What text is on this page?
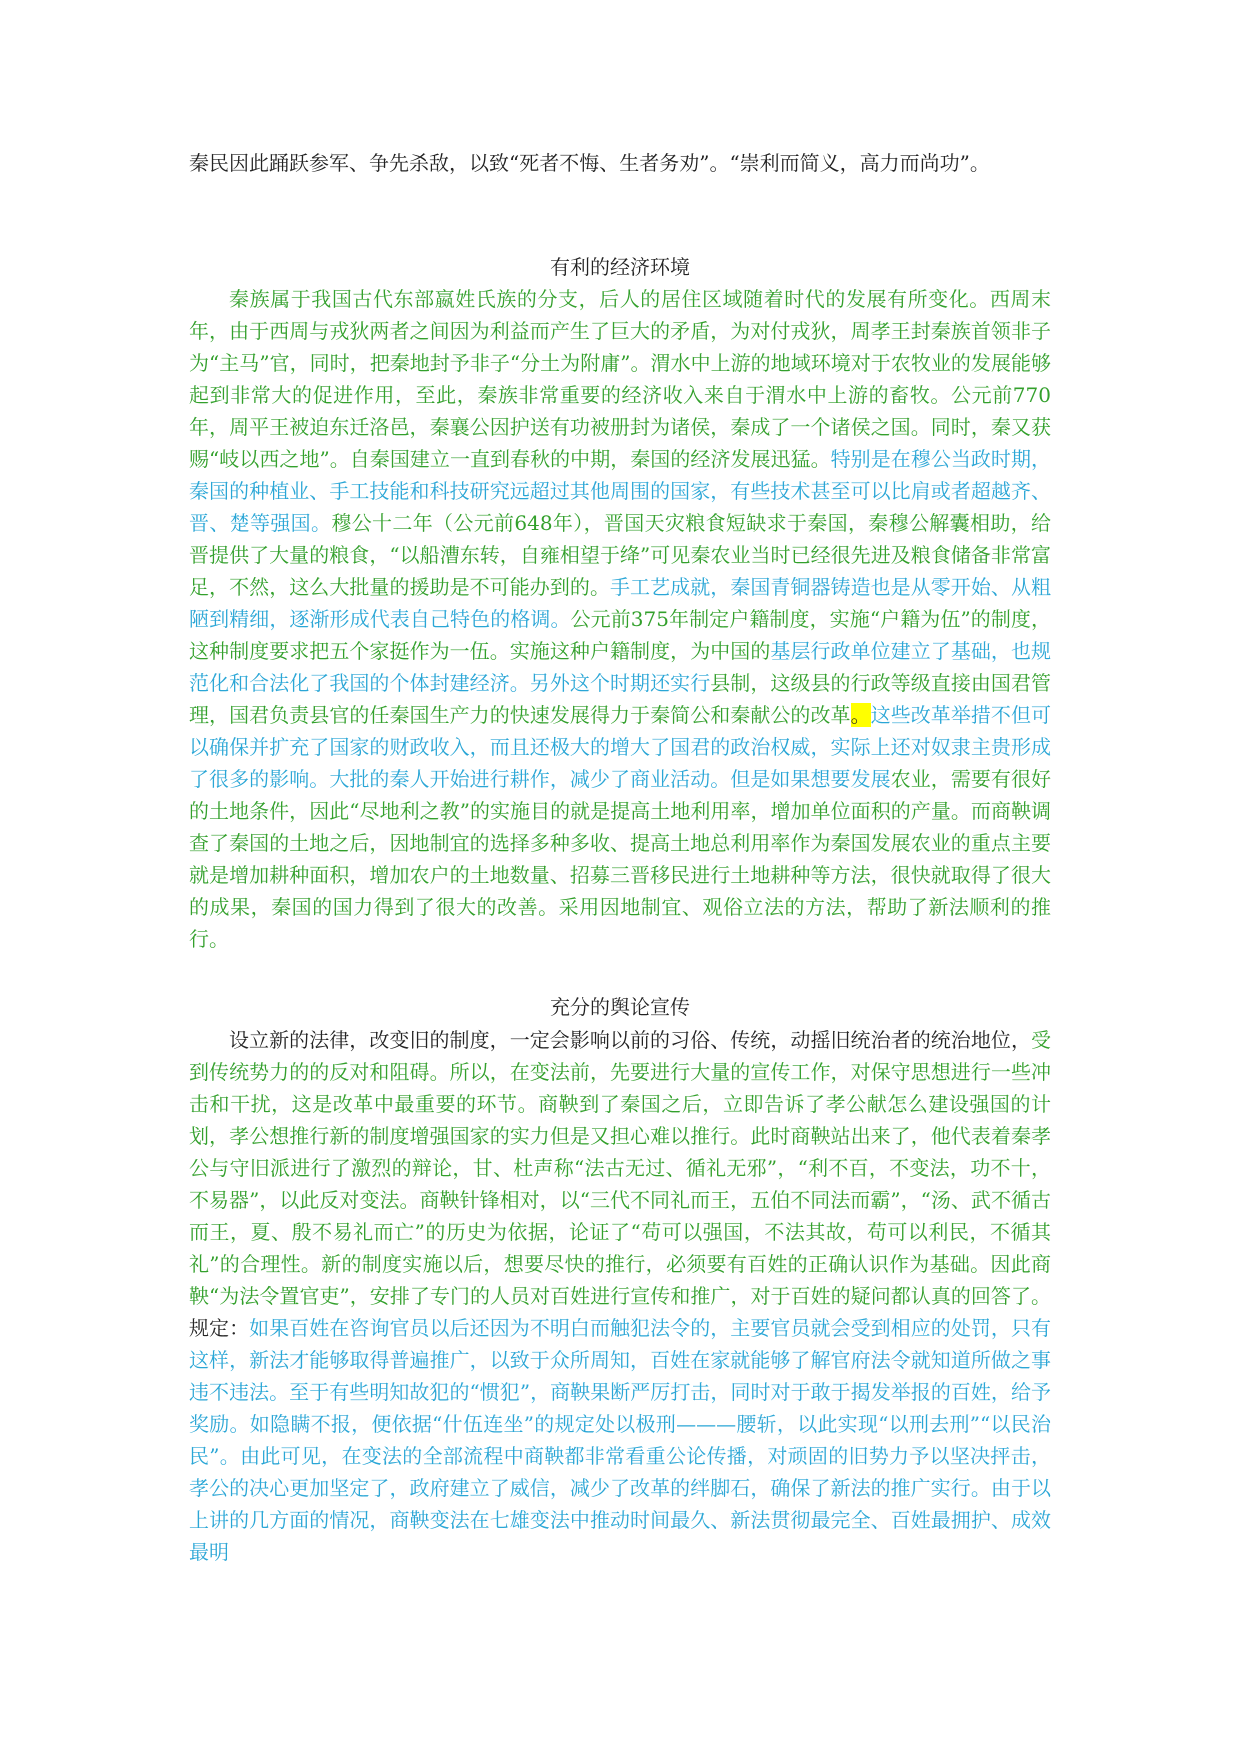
秦民因此踊跃参军、争先杀敌，以致“死者不悔、生者务劝”。“崇利而简义，高力而尚功”。

有利的经济环境

秦族属于我国古代东部嬴姓氏族的分支，后人的居住区域随着时代的发展有所变化。西周末年，由于西周与戎狄两者之间因为利益而产生了巨大的矛盾，为对付戎狄，周孝王封秦族首领非子为“主马”官，同时，把秦地封予非子“分土为附庸”。渭水中上游的地域环境对于农牧业的发展能够起到非常大的促进作用，至此，秦族非常重要的经济收入来自于渭水中上游的畜牧。公元前770年，周平王被迫东迁洛邑，秦襄公因护送有功被册封为诸侯，秦成了一个诸侯之国。同时，秦又获赐“岐以西之地”。自秦国建立一直到春秋的中期，秦国的经济发展迅猛。特别是在穆公当政时期，秦国的种植业、手工技能和科技研究远超过其他周围的国家，有些技术甚至可以比肩或者超越齐、晋、楚等强国。穆公十二年（公元前648年），晋国天灾粮食短缺求于秦国，秦穆公解囊相助，给晋提供了大量的粮食，“以船漕东转，自雍相望于绛”可见秦农业当时已经很先进及粮食储备非常富足，不然，这么大批量的援助是不可能办到的。手工艺成就，秦国青铜器铸造也是从零开始、从粗陋到精细，逐渐形成代表自己特色的格调。公元前375年制定户籍制度，实施“户籍为伍”的制度，这种制度要求把五个家挺作为一伍。实施这种户籍制度，为中国的基层行政单位建立了基础，也规范化和合法化了我国的个体封建经济。另外这个时期还实行县制，这级县的行政等级直接由国君管理，国君负责县官的任秦国生产力的快速发展得力于秦简公和秦献公的改革。这些改革举措不但可以确保并扩充了国家的财政收入，而且还极大的增大了国君的政治权威，实际上还对奴隶主贵形成了很多的影响。大批的秦人开始进行耕作，减少了商业活动。但是如果想要发展农业，需要有很好的土地条件，因此“尽地利之教”的实施目的就是提高土地利用率，增加单位面积的产量。而商鞅调查了秦国的土地之后，因地制宜的选择多种多收、提高土地总利用率作为秦国发展农业的重点主要就是增加耕种面积，增加农户的土地数量、招募三晋移民进行土地耕种等方法，很快就取得了很大的成果，秦国的国力得到了很大的改善。采用因地制宜、观俗立法的方法，帮助了新法顺利的推行。

充分的舆论宣传

设立新的法律，改变旧的制度，一定会影响以前的习俗、传统，动摇旧统治者的统治地位，受到传统势力的的反对和阻碍。所以，在变法前，先要进行大量的宣传工作，对保守思想进行一些冲击和干扰，这是改革中最重要的环节。商鞅到了秦国之后，立即告诉了孝公献怎么建设强国的计划，孝公想推行新的制度增强国家的实力但是又担心难以推行。此时商鞅站出来了，他代表着秦孝公与守旧派进行了激烈的辩论，甘、杜声称“法古无过、循礼无邪”，“利不百，不变法，功不十，不易器”，以此反对变法。商鞅针锋相对，以“三代不同礼而王，五伯不同法而霸”，“汤、武不循古而王，夏、殷不易礼而亡”的历史为依据，论证了“苟可以强国，不法其故，苟可以利民，不循其礼”的合理性。新的制度实施以后，想要尽快的推行，必须要有百姓的正确认识作为基础。因此商鞅“为法令置官吏”，安排了专门的人员对百姓进行宣传和推广，对于百姓的疑问都认真的回答了。规定：如果百姓在咨询官员以后还因为不明白而触犯法令的，主要官员就会受到相应的处罚，只有这样，新法才能够取得普遍推广，以致于众所周知，百姓在家就能够了解官府法令就知道所做之事违不违法。至于有些明知故犯的“惯犯”，商鞅果断严厉打击，同时对于敢于揭发举报的百姓，给予奖励。如隐瞒不报，便依据“什伍连坐”的规定处以极刑———腰斩，以此实现“以刑去刑”“以民治民”。由此可见，在变法的全部流程中商鞅都非常看重公论传播，对顽固的旧势力予以坚决抨击，孝公的决心更加坚定了，政府建立了威信，减少了改革的绊脚石，确保了新法的推广实行。由于以上讲的几方面的情况，商鞅变法在七雄变法中推动时间最久、新法贯彻最完全、百姓最拥护、成效最明
